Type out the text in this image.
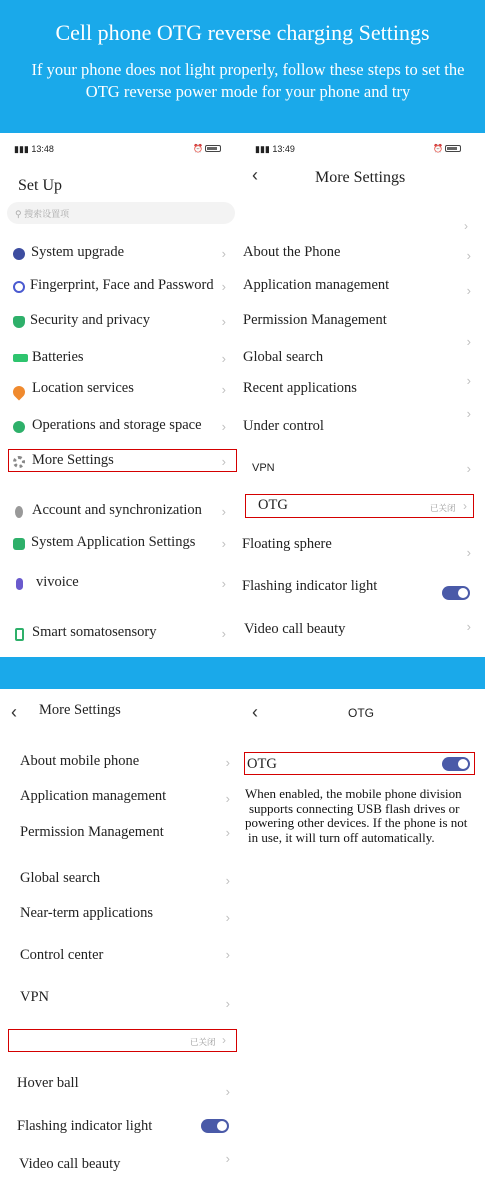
Cell phone OTG reverse charging Settings
If your phone does not light properly, follow these steps to set the OTG reverse power mode for your phone and try
▮▮▮ 13:48	⏰
Set Up
⚲ 搜索设置项
System upgrade	›
Fingerprint, Face and Password ›
Security and privacy	›
Batteries	›
Location services	›
Operations and storage space ›
More Settings	›
Account and synchronization ›
System Application Settings ›
vivoice	›
Smart somatosensory	›
▮▮▮ 13:49	⏰
‹	More Settings
›
About the Phone	›
Application management	›
Permission Management
Global search
›
Recent applications	›
Under control
›
VPN	›
OTG	已关闭 ›
Floating sphere
›
Flashing indicator light
Video call beauty	›
‹ More Settings
About mobile phone	›
Application management	›
Permission Management	›
Global search	›
Near-term applications	›
Control center	›
VPN	›
已关闭 ›
Hover ball
›
Flashing indicator light
Video call beauty	›
‹	OTG
OTG
When enabled, the mobile phone division
supports connecting USB flash drives or
powering other devices. If the phone is not
in use, it will turn off automatically.
